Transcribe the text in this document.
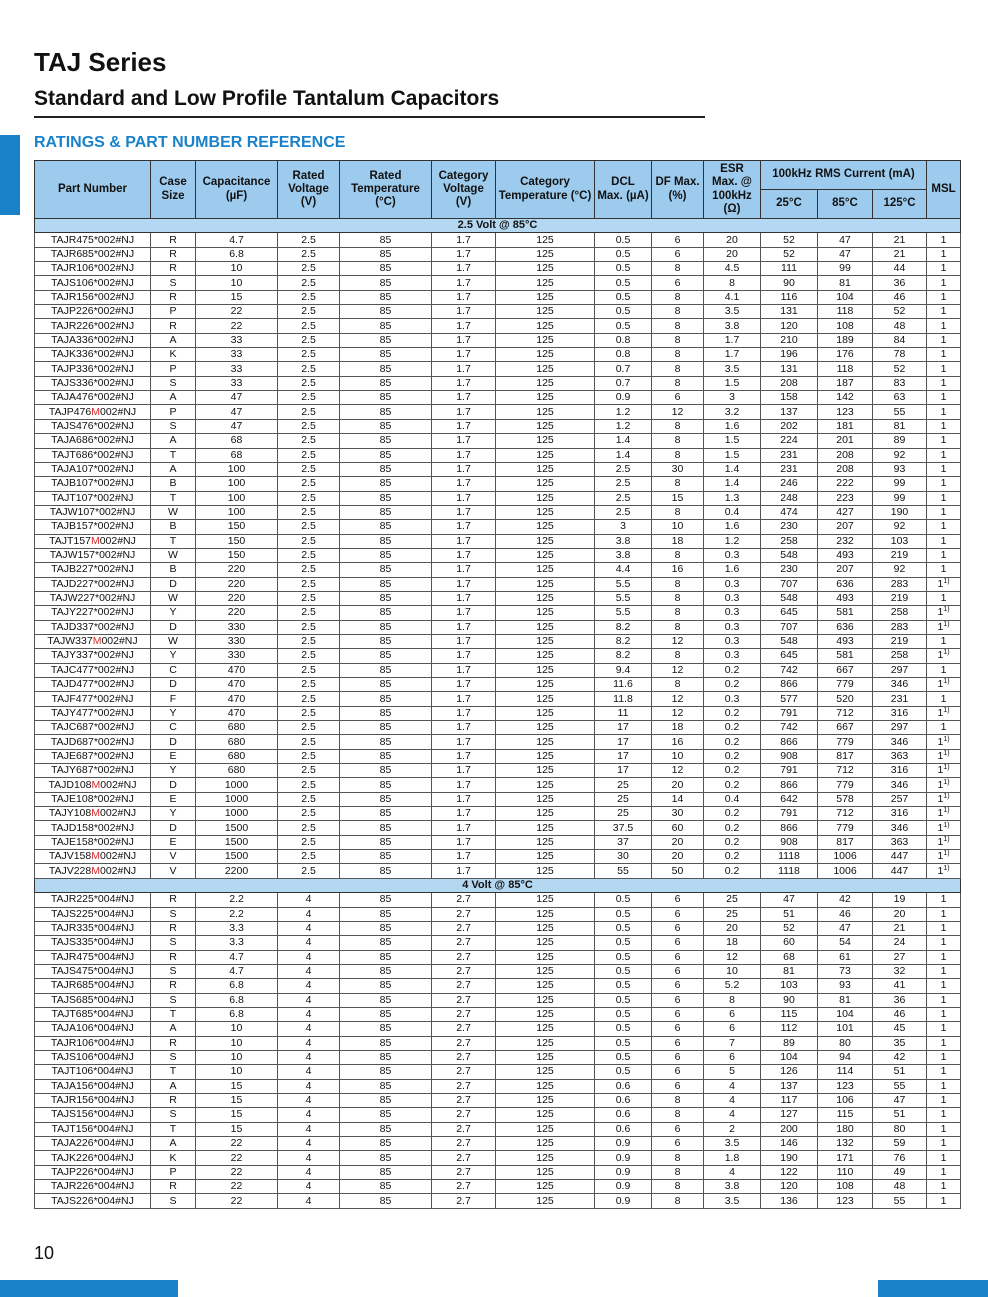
TAJ Series
Standard and Low Profile Tantalum Capacitors
RATINGS & PART NUMBER REFERENCE
Part Number	Case Size	Capacitance (µF)	Rated Voltage (V)	Rated Temperature (°C)	Category Voltage (V)	Category Temperature (°C)	DCL Max. (µA)	DF Max. (%)	ESR Max. @ 100kHz (Ω)	100kHz RMS Current (mA)			MSL
										25°C	85°C	125°C	
2.5 Volt @ 85°C													
TAJR475*002#NJ	R	4.7	2.5	85	1.7	125	0.5	6	20	52	47	21	1
TAJR685*002#NJ	R	6.8	2.5	85	1.7	125	0.5	6	20	52	47	21	1
TAJR106*002#NJ	R	10	2.5	85	1.7	125	0.5	8	4.5	111	99	44	1
TAJS106*002#NJ	S	10	2.5	85	1.7	125	0.5	6	8	90	81	36	1
TAJR156*002#NJ	R	15	2.5	85	1.7	125	0.5	8	4.1	116	104	46	1
TAJP226*002#NJ	P	22	2.5	85	1.7	125	0.5	8	3.5	131	118	52	1
TAJR226*002#NJ	R	22	2.5	85	1.7	125	0.5	8	3.8	120	108	48	1
TAJA336*002#NJ	A	33	2.5	85	1.7	125	0.8	8	1.7	210	189	84	1
TAJK336*002#NJ	K	33	2.5	85	1.7	125	0.8	8	1.7	196	176	78	1
TAJP336*002#NJ	P	33	2.5	85	1.7	125	0.7	8	3.5	131	118	52	1
TAJS336*002#NJ	S	33	2.5	85	1.7	125	0.7	8	1.5	208	187	83	1
TAJA476*002#NJ	A	47	2.5	85	1.7	125	0.9	6	3	158	142	63	1
TAJP476M002#NJ	P	47	2.5	85	1.7	125	1.2	12	3.2	137	123	55	1
TAJS476*002#NJ	S	47	2.5	85	1.7	125	1.2	8	1.6	202	181	81	1
TAJA686*002#NJ	A	68	2.5	85	1.7	125	1.4	8	1.5	224	201	89	1
TAJT686*002#NJ	T	68	2.5	85	1.7	125	1.4	8	1.5	231	208	92	1
TAJA107*002#NJ	A	100	2.5	85	1.7	125	2.5	30	1.4	231	208	93	1
TAJB107*002#NJ	B	100	2.5	85	1.7	125	2.5	8	1.4	246	222	99	1
TAJT107*002#NJ	T	100	2.5	85	1.7	125	2.5	15	1.3	248	223	99	1
TAJW107*002#NJ	W	100	2.5	85	1.7	125	2.5	8	0.4	474	427	190	1
TAJB157*002#NJ	B	150	2.5	85	1.7	125	3	10	1.6	230	207	92	1
TAJT157M002#NJ	T	150	2.5	85	1.7	125	3.8	18	1.2	258	232	103	1
TAJW157*002#NJ	W	150	2.5	85	1.7	125	3.8	8	0.3	548	493	219	1
TAJB227*002#NJ	B	220	2.5	85	1.7	125	4.4	16	1.6	230	207	92	1
TAJD227*002#NJ	D	220	2.5	85	1.7	125	5.5	8	0.3	707	636	283	1$^{1)}$
TAJW227*002#NJ	W	220	2.5	85	1.7	125	5.5	8	0.3	548	493	219	1
TAJY227*002#NJ	Y	220	2.5	85	1.7	125	5.5	8	0.3	645	581	258	1$^{1)}$
TAJD337*002#NJ	D	330	2.5	85	1.7	125	8.2	8	0.3	707	636	283	1$^{1)}$
TAJW337M002#NJ	W	330	2.5	85	1.7	125	8.2	12	0.3	548	493	219	1
TAJY337*002#NJ	Y	330	2.5	85	1.7	125	8.2	8	0.3	645	581	258	1$^{1)}$
TAJC477*002#NJ	C	470	2.5	85	1.7	125	9.4	12	0.2	742	667	297	1
TAJD477*002#NJ	D	470	2.5	85	1.7	125	11.6	8	0.2	866	779	346	1$^{1)}$
TAJF477*002#NJ	F	470	2.5	85	1.7	125	11.8	12	0.3	577	520	231	1
TAJY477*002#NJ	Y	470	2.5	85	1.7	125	11	12	0.2	791	712	316	1$^{1)}$
TAJC687*002#NJ	C	680	2.5	85	1.7	125	17	18	0.2	742	667	297	1
TAJD687*002#NJ	D	680	2.5	85	1.7	125	17	16	0.2	866	779	346	1$^{1)}$
TAJE687*002#NJ	E	680	2.5	85	1.7	125	17	10	0.2	908	817	363	1$^{1)}$
TAJY687*002#NJ	Y	680	2.5	85	1.7	125	17	12	0.2	791	712	316	1$^{1)}$
TAJD108M002#NJ	D	1000	2.5	85	1.7	125	25	20	0.2	866	779	346	1$^{1)}$
TAJE108*002#NJ	E	1000	2.5	85	1.7	125	25	14	0.4	642	578	257	1$^{1)}$
TAJY108M002#NJ	Y	1000	2.5	85	1.7	125	25	30	0.2	791	712	316	1$^{1)}$
TAJD158*002#NJ	D	1500	2.5	85	1.7	125	37.5	60	0.2	866	779	346	1$^{1)}$
TAJE158*002#NJ	E	1500	2.5	85	1.7	125	37	20	0.2	908	817	363	1$^{1)}$
TAJV158M002#NJ	V	1500	2.5	85	1.7	125	30	20	0.2	1118	1006	447	1$^{1)}$
TAJV228M002#NJ	V	2200	2.5	85	1.7	125	55	50	0.2	1118	1006	447	1$^{1)}$
4 Volt @ 85°C													
TAJR225*004#NJ	R	2.2	4	85	2.7	125	0.5	6	25	47	42	19	1
TAJS225*004#NJ	S	2.2	4	85	2.7	125	0.5	6	25	51	46	20	1
TAJR335*004#NJ	R	3.3	4	85	2.7	125	0.5	6	20	52	47	21	1
TAJS335*004#NJ	S	3.3	4	85	2.7	125	0.5	6	18	60	54	24	1
TAJR475*004#NJ	R	4.7	4	85	2.7	125	0.5	6	12	68	61	27	1
TAJS475*004#NJ	S	4.7	4	85	2.7	125	0.5	6	10	81	73	32	1
TAJR685*004#NJ	R	6.8	4	85	2.7	125	0.5	6	5.2	103	93	41	1
TAJS685*004#NJ	S	6.8	4	85	2.7	125	0.5	6	8	90	81	36	1
TAJT685*004#NJ	T	6.8	4	85	2.7	125	0.5	6	6	115	104	46	1
TAJA106*004#NJ	A	10	4	85	2.7	125	0.5	6	6	112	101	45	1
TAJR106*004#NJ	R	10	4	85	2.7	125	0.5	6	7	89	80	35	1
TAJS106*004#NJ	S	10	4	85	2.7	125	0.5	6	6	104	94	42	1
TAJT106*004#NJ	T	10	4	85	2.7	125	0.5	6	5	126	114	51	1
TAJA156*004#NJ	A	15	4	85	2.7	125	0.6	6	4	137	123	55	1
TAJR156*004#NJ	R	15	4	85	2.7	125	0.6	8	4	117	106	47	1
TAJS156*004#NJ	S	15	4	85	2.7	125	0.6	8	4	127	115	51	1
TAJT156*004#NJ	T	15	4	85	2.7	125	0.6	6	2	200	180	80	1
TAJA226*004#NJ	A	22	4	85	2.7	125	0.9	6	3.5	146	132	59	1
TAJK226*004#NJ	K	22	4	85	2.7	125	0.9	8	1.8	190	171	76	1
TAJP226*004#NJ	P	22	4	85	2.7	125	0.9	8	4	122	110	49	1
TAJR226*004#NJ	R	22	4	85	2.7	125	0.9	8	3.8	120	108	48	1
TAJS226*004#NJ	S	22	4	85	2.7	125	0.9	8	3.5	136	123	55	1
10
